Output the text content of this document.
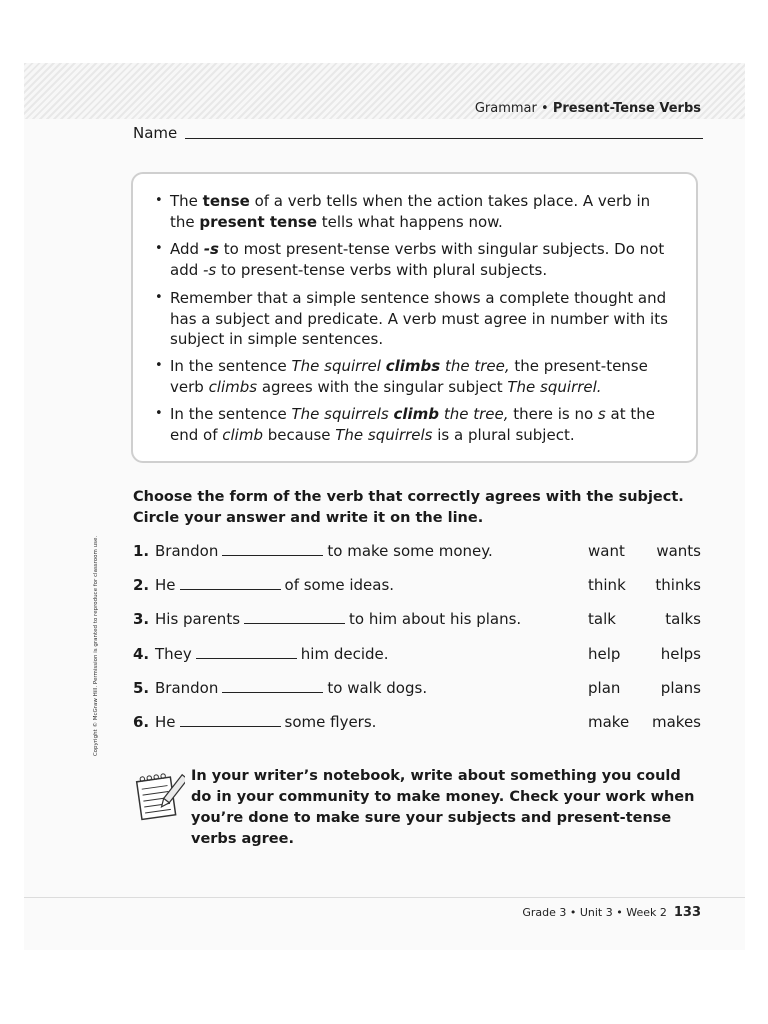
Grammar • Present-Tense Verbs
Name
• The tense of a verb tells when the action takes place. A verb in the present tense tells what happens now.
• Add -s to most present-tense verbs with singular subjects. Do not add -s to present-tense verbs with plural subjects.
• Remember that a simple sentence shows a complete thought and has a subject and predicate. A verb must agree in number with its subject in simple sentences.
• In the sentence The squirrel climbs the tree, the present-tense verb climbs agrees with the singular subject The squirrel.
• In the sentence The squirrels climb the tree, there is no s at the end of climb because The squirrels is a plural subject.
Choose the form of the verb that correctly agrees with the subject. Circle your answer and write it on the line.
1. Brandon	to make some money.	want wants
2. He	of some ideas.	think thinks
3. His parents	to him about his plans.	talk	talks
4. They	him decide.	help	helps
5. Brandon	to walk dogs.	plan	plans
6. He	some flyers.	make makes
In your writer’s notebook, write about something you could do in your community to make money. Check your work when you’re done to make sure your subjects and present-tense verbs agree.
Copyright © McGraw Hill. Permission is granted to reproduce for classroom use.
Grade 3 • Unit 3 • Week 2 133
